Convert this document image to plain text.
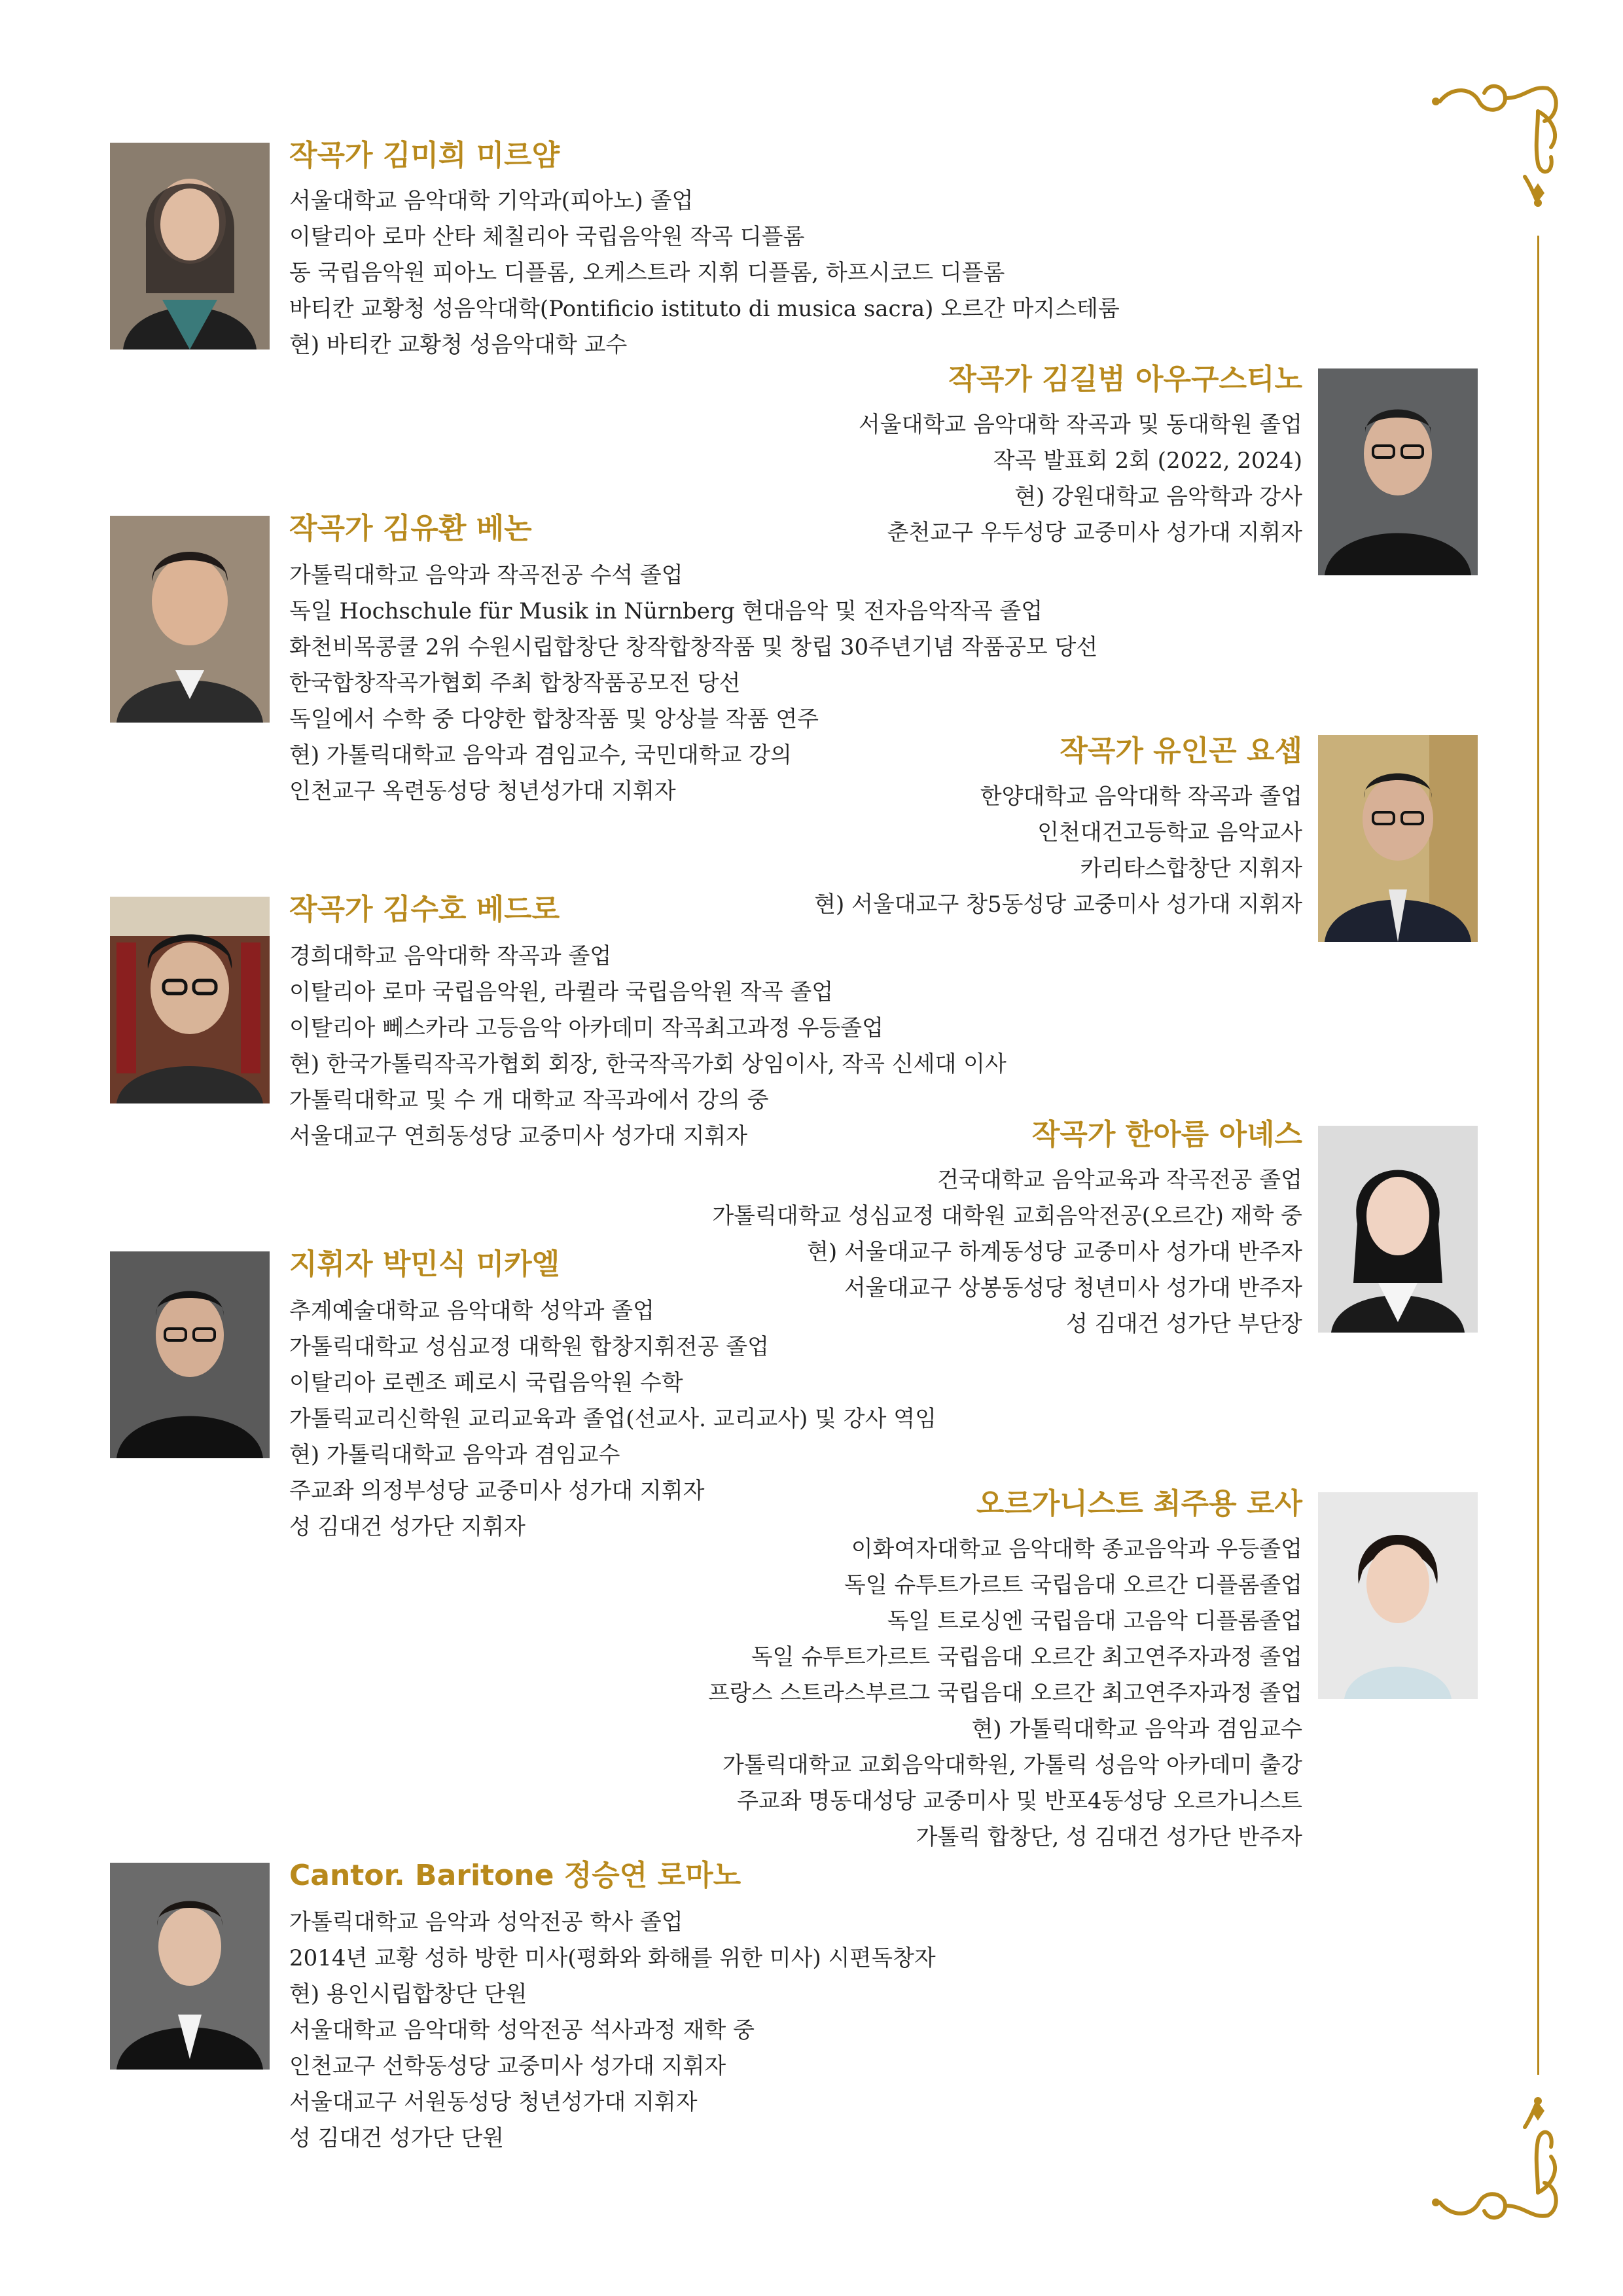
작곡가 김미희 미르얌
서울대학교 음악대학 기악과(피아노) 졸업
이탈리아 로마 산타 체칠리아 국립음악원 작곡 디플롬
동 국립음악원 피아노 디플롬, 오케스트라 지휘 디플롬, 하프시코드 디플롬
바티칸 교황청 성음악대학(Pontificio istituto di musica sacra) 오르간 마지스테룸
현) 바티칸 교황청 성음악대학 교수
작곡가 김길범 아우구스티노
서울대학교 음악대학 작곡과 및 동대학원 졸업
작곡 발표회 2회 (2022, 2024)
현) 강원대학교 음악학과 강사
춘천교구 우두성당 교중미사 성가대 지휘자
작곡가 김유환 베논
가톨릭대학교 음악과 작곡전공 수석 졸업
독일 Hochschule für Musik in Nürnberg 현대음악 및 전자음악작곡 졸업
화천비목콩쿨 2위 수원시립합창단 창작합창작품 및 창립 30주년기념 작품공모 당선
한국합창작곡가협회 주최 합창작품공모전 당선
독일에서 수학 중 다양한 합창작품 및 앙상블 작품 연주
현) 가톨릭대학교 음악과 겸임교수, 국민대학교 강의
인천교구 옥련동성당 청년성가대 지휘자
작곡가 유인곤 요셉
한양대학교 음악대학 작곡과 졸업
인천대건고등학교 음악교사
카리타스합창단 지휘자
현) 서울대교구 창5동성당 교중미사 성가대 지휘자
작곡가 김수호 베드로
경희대학교 음악대학 작곡과 졸업
이탈리아 로마 국립음악원, 라퀼라 국립음악원 작곡 졸업
이탈리아 뻬스카라 고등음악 아카데미 작곡최고과정 우등졸업
현) 한국가톨릭작곡가협회 회장, 한국작곡가회 상임이사, 작곡 신세대 이사
가톨릭대학교 및 수 개 대학교 작곡과에서 강의 중
서울대교구 연희동성당 교중미사 성가대 지휘자	작곡가 한아름 아녜스
건국대학교 음악교육과 작곡전공 졸업
가톨릭대학교 성심교정 대학원 교회음악전공(오르간) 재학 중
현) 서울대교구 하계동성당 교중미사 성가대 반주자
서울대교구 상봉동성당 청년미사 성가대 반주자
성 김대건 성가단 부단장
지휘자 박민식 미카엘
추계예술대학교 음악대학 성악과 졸업
가톨릭대학교 성심교정 대학원 합창지휘전공 졸업
이탈리아 로렌조 페로시 국립음악원 수학
가톨릭교리신학원 교리교육과 졸업(선교사. 교리교사) 및 강사 역임
현) 가톨릭대학교 음악과 겸임교수
주교좌 의정부성당 교중미사 성가대 지휘자
성 김대건 성가단 지휘자
오르가니스트 최주용 로사
이화여자대학교 음악대학 종교음악과 우등졸업
독일 슈투트가르트 국립음대 오르간 디플롬졸업
독일 트로싱엔 국립음대 고음악 디플롬졸업
독일 슈투트가르트 국립음대 오르간 최고연주자과정 졸업
프랑스 스트라스부르그 국립음대 오르간 최고연주자과정 졸업
현) 가톨릭대학교 음악과 겸임교수
가톨릭대학교 교회음악대학원, 가톨릭 성음악 아카데미 출강
주교좌 명동대성당 교중미사 및 반포4동성당 오르가니스트
가톨릭 합창단, 성 김대건 성가단 반주자
Cantor. Baritone 정승연 로마노
가톨릭대학교 음악과 성악전공 학사 졸업
2014년 교황 성하 방한 미사(평화와 화해를 위한 미사) 시편독창자
현) 용인시립합창단 단원
서울대학교 음악대학 성악전공 석사과정 재학 중
인천교구 선학동성당 교중미사 성가대 지휘자
서울대교구 서원동성당 청년성가대 지휘자
성 김대건 성가단 단원
